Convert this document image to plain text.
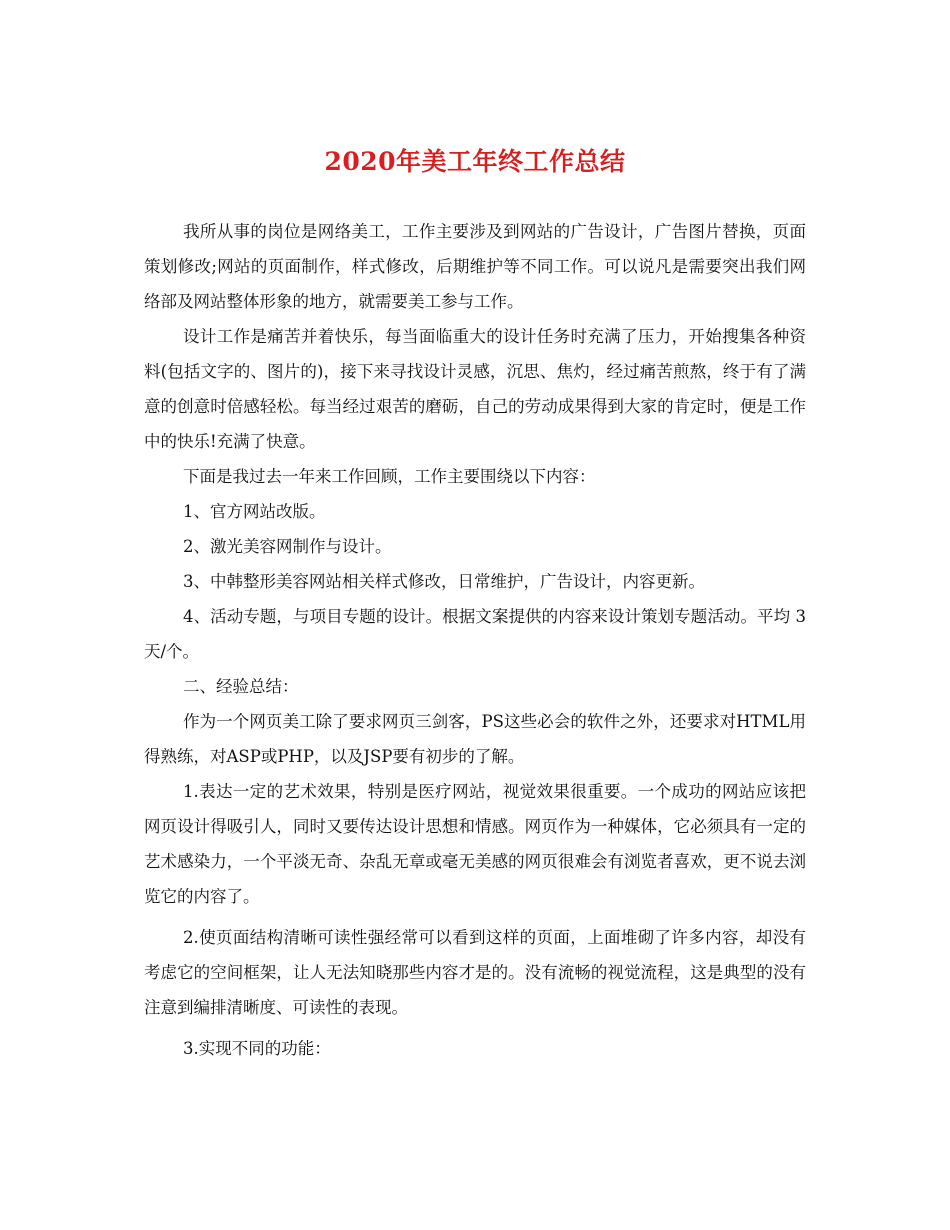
2020年美工年终工作总结

我所从事的岗位是网络美工，工作主要涉及到网站的广告设计，广告图片替换，页面策划修改;网站的页面制作，样式修改，后期维护等不同工作。可以说凡是需要突出我们网络部及网站整体形象的地方，就需要美工参与工作。

设计工作是痛苦并着快乐，每当面临重大的设计任务时充满了压力，开始搜集各种资料(包括文字的、图片的)，接下来寻找设计灵感，沉思、焦灼，经过痛苦煎熬，终于有了满意的创意时倍感轻松。每当经过艰苦的磨砺，自己的劳动成果得到大家的肯定时，便是工作中的快乐!充满了快意。

下面是我过去一年来工作回顾，工作主要围绕以下内容：

1、官方网站改版。

2、激光美容网制作与设计。

3、中韩整形美容网站相关样式修改，日常维护，广告设计，内容更新。

4、活动专题，与项目专题的设计。根据文案提供的内容来设计策划专题活动。平均 3天/个。

二、经验总结：

作为一个网页美工除了要求网页三剑客，PS这些必会的软件之外，还要求对HTML用得熟练，对ASP或PHP，以及JSP要有初步的了解。

1.表达一定的艺术效果，特别是医疗网站，视觉效果很重要。一个成功的网站应该把网页设计得吸引人，同时又要传达设计思想和情感。网页作为一种媒体，它必须具有一定的艺术感染力，一个平淡无奇、杂乱无章或毫无美感的网页很难会有浏览者喜欢，更不说去浏览它的内容了。

2.使页面结构清晰可读性强经常可以看到这样的页面，上面堆砌了许多内容，却没有考虑它的空间框架，让人无法知晓那些内容才是的。没有流畅的视觉流程，这是典型的没有注意到编排清晰度、可读性的表现。

3.实现不同的功能：
